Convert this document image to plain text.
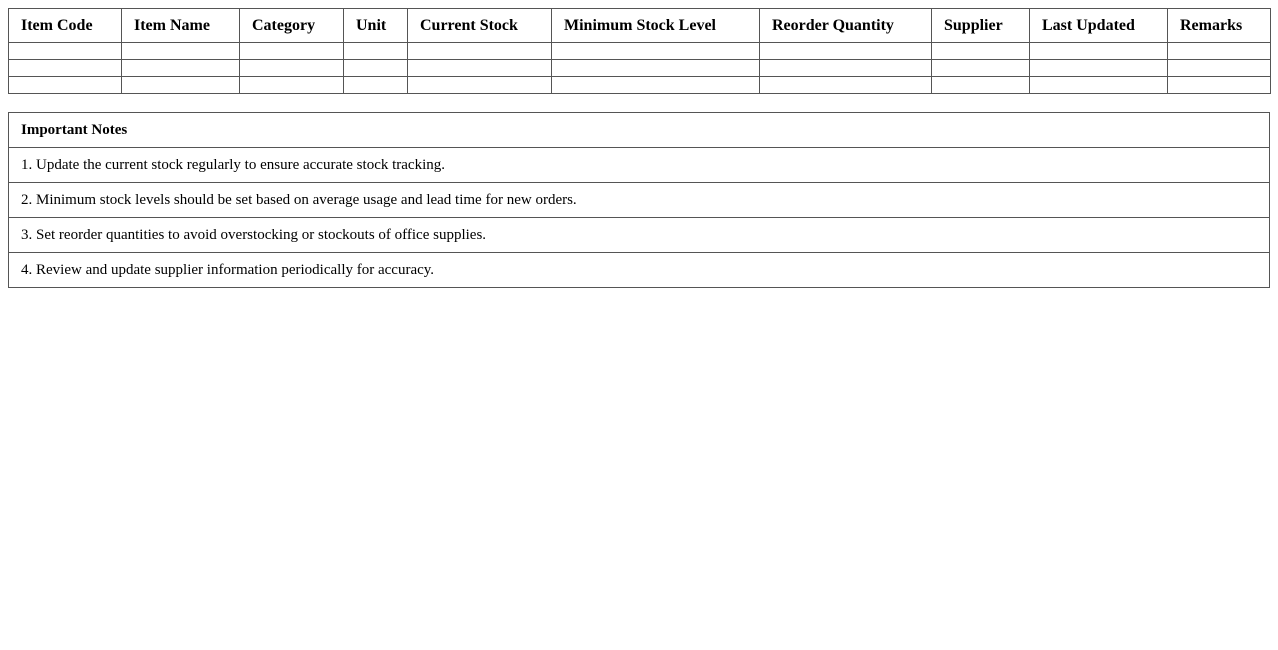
Item Code	Item Name	Category	Unit	Current Stock	Minimum Stock Level	Reorder Quantity	Supplier	Last Updated	Remarks

Important Notes
1. Update the current stock regularly to ensure accurate stock tracking.
2. Minimum stock levels should be set based on average usage and lead time for new orders.
3. Set reorder quantities to avoid overstocking or stockouts of office supplies.
4. Review and update supplier information periodically for accuracy.
